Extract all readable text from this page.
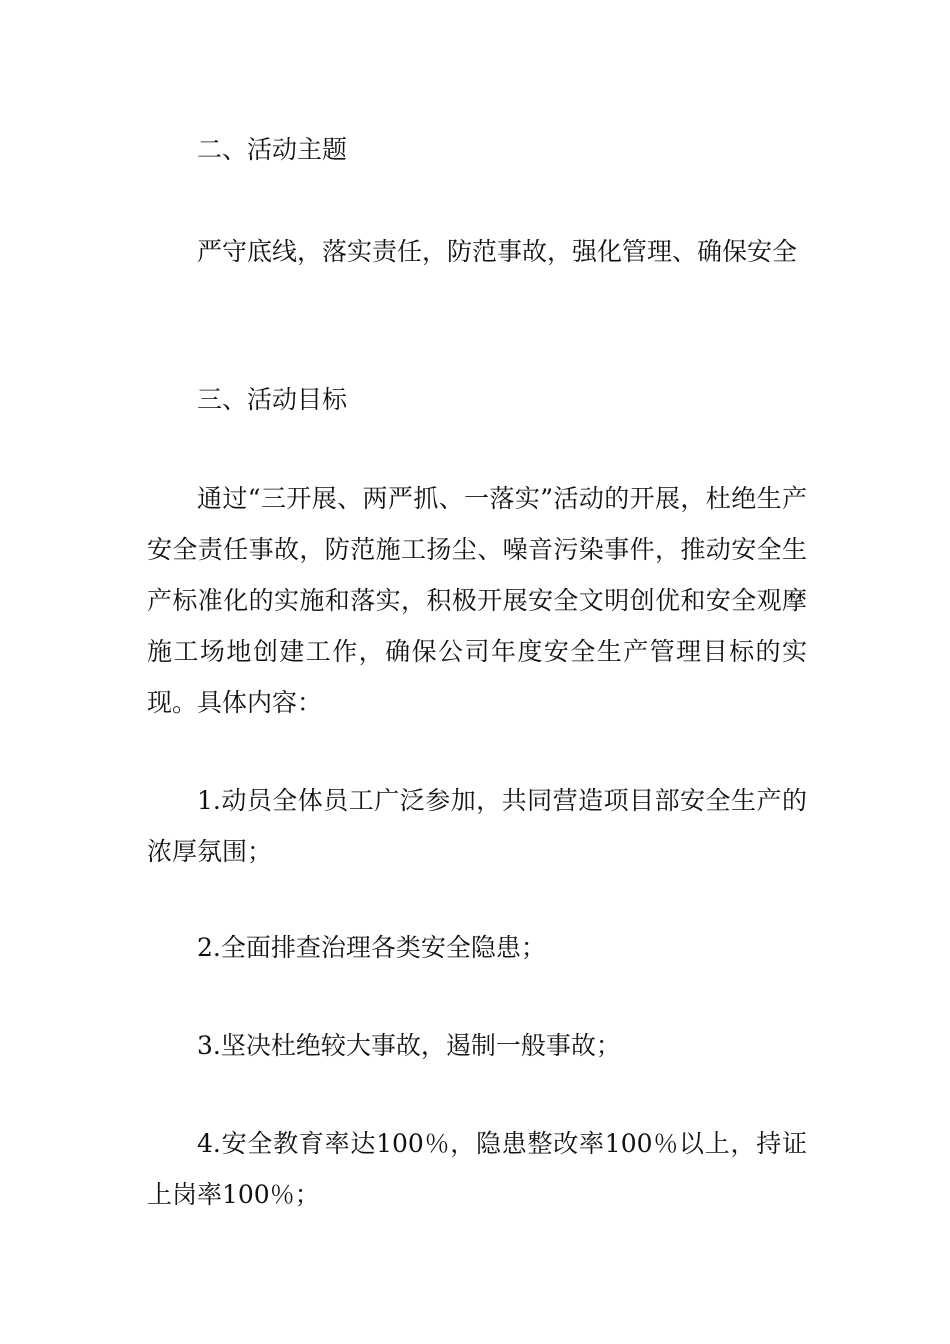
二、活动主题

严守底线，落实责任，防范事故，强化管理、确保安全

三、活动目标

通过“三开展、两严抓、一落实”活动的开展，杜绝生产安全责任事故，防范施工扬尘、噪音污染事件，推动安全生产标准化的实施和落实，积极开展安全文明创优和安全观摩施工场地创建工作，确保公司年度安全生产管理目标的实现。具体内容：

1.动员全体员工广泛参加，共同营造项目部安全生产的浓厚氛围；

2.全面排查治理各类安全隐患；

3.坚决杜绝较大事故，遏制一般事故；

4.安全教育率达100％，隐患整改率100％以上，持证上岗率100％；
